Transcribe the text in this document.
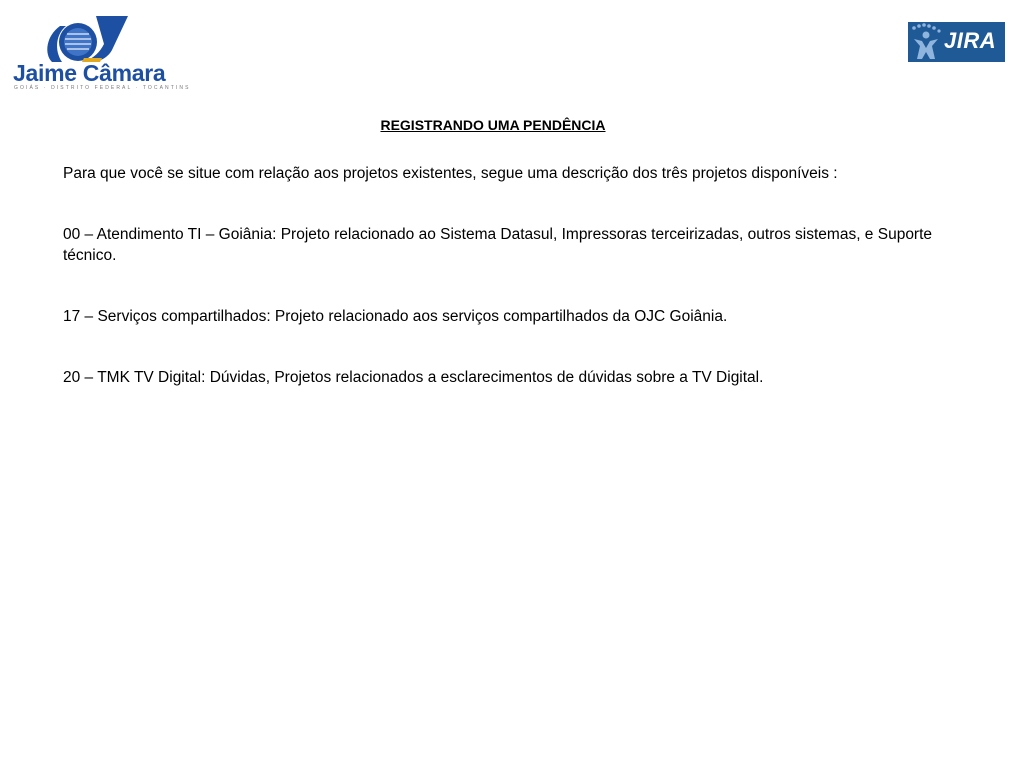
Jaime Câmara
GOIÁS · DISTRITO FEDERAL · TOCANTINS
JIRA
REGISTRANDO UMA PENDÊNCIA

Para que você se situe com relação aos projetos existentes, segue uma descrição dos três projetos disponíveis :

00 – Atendimento TI – Goiânia: Projeto relacionado ao Sistema Datasul, Impressoras terceirizadas, outros sistemas, e Suporte técnico.

17 – Serviços compartilhados: Projeto relacionado aos serviços compartilhados da OJC Goiânia.

20 – TMK TV Digital: Dúvidas, Projetos relacionados a esclarecimentos de dúvidas sobre a TV Digital.
